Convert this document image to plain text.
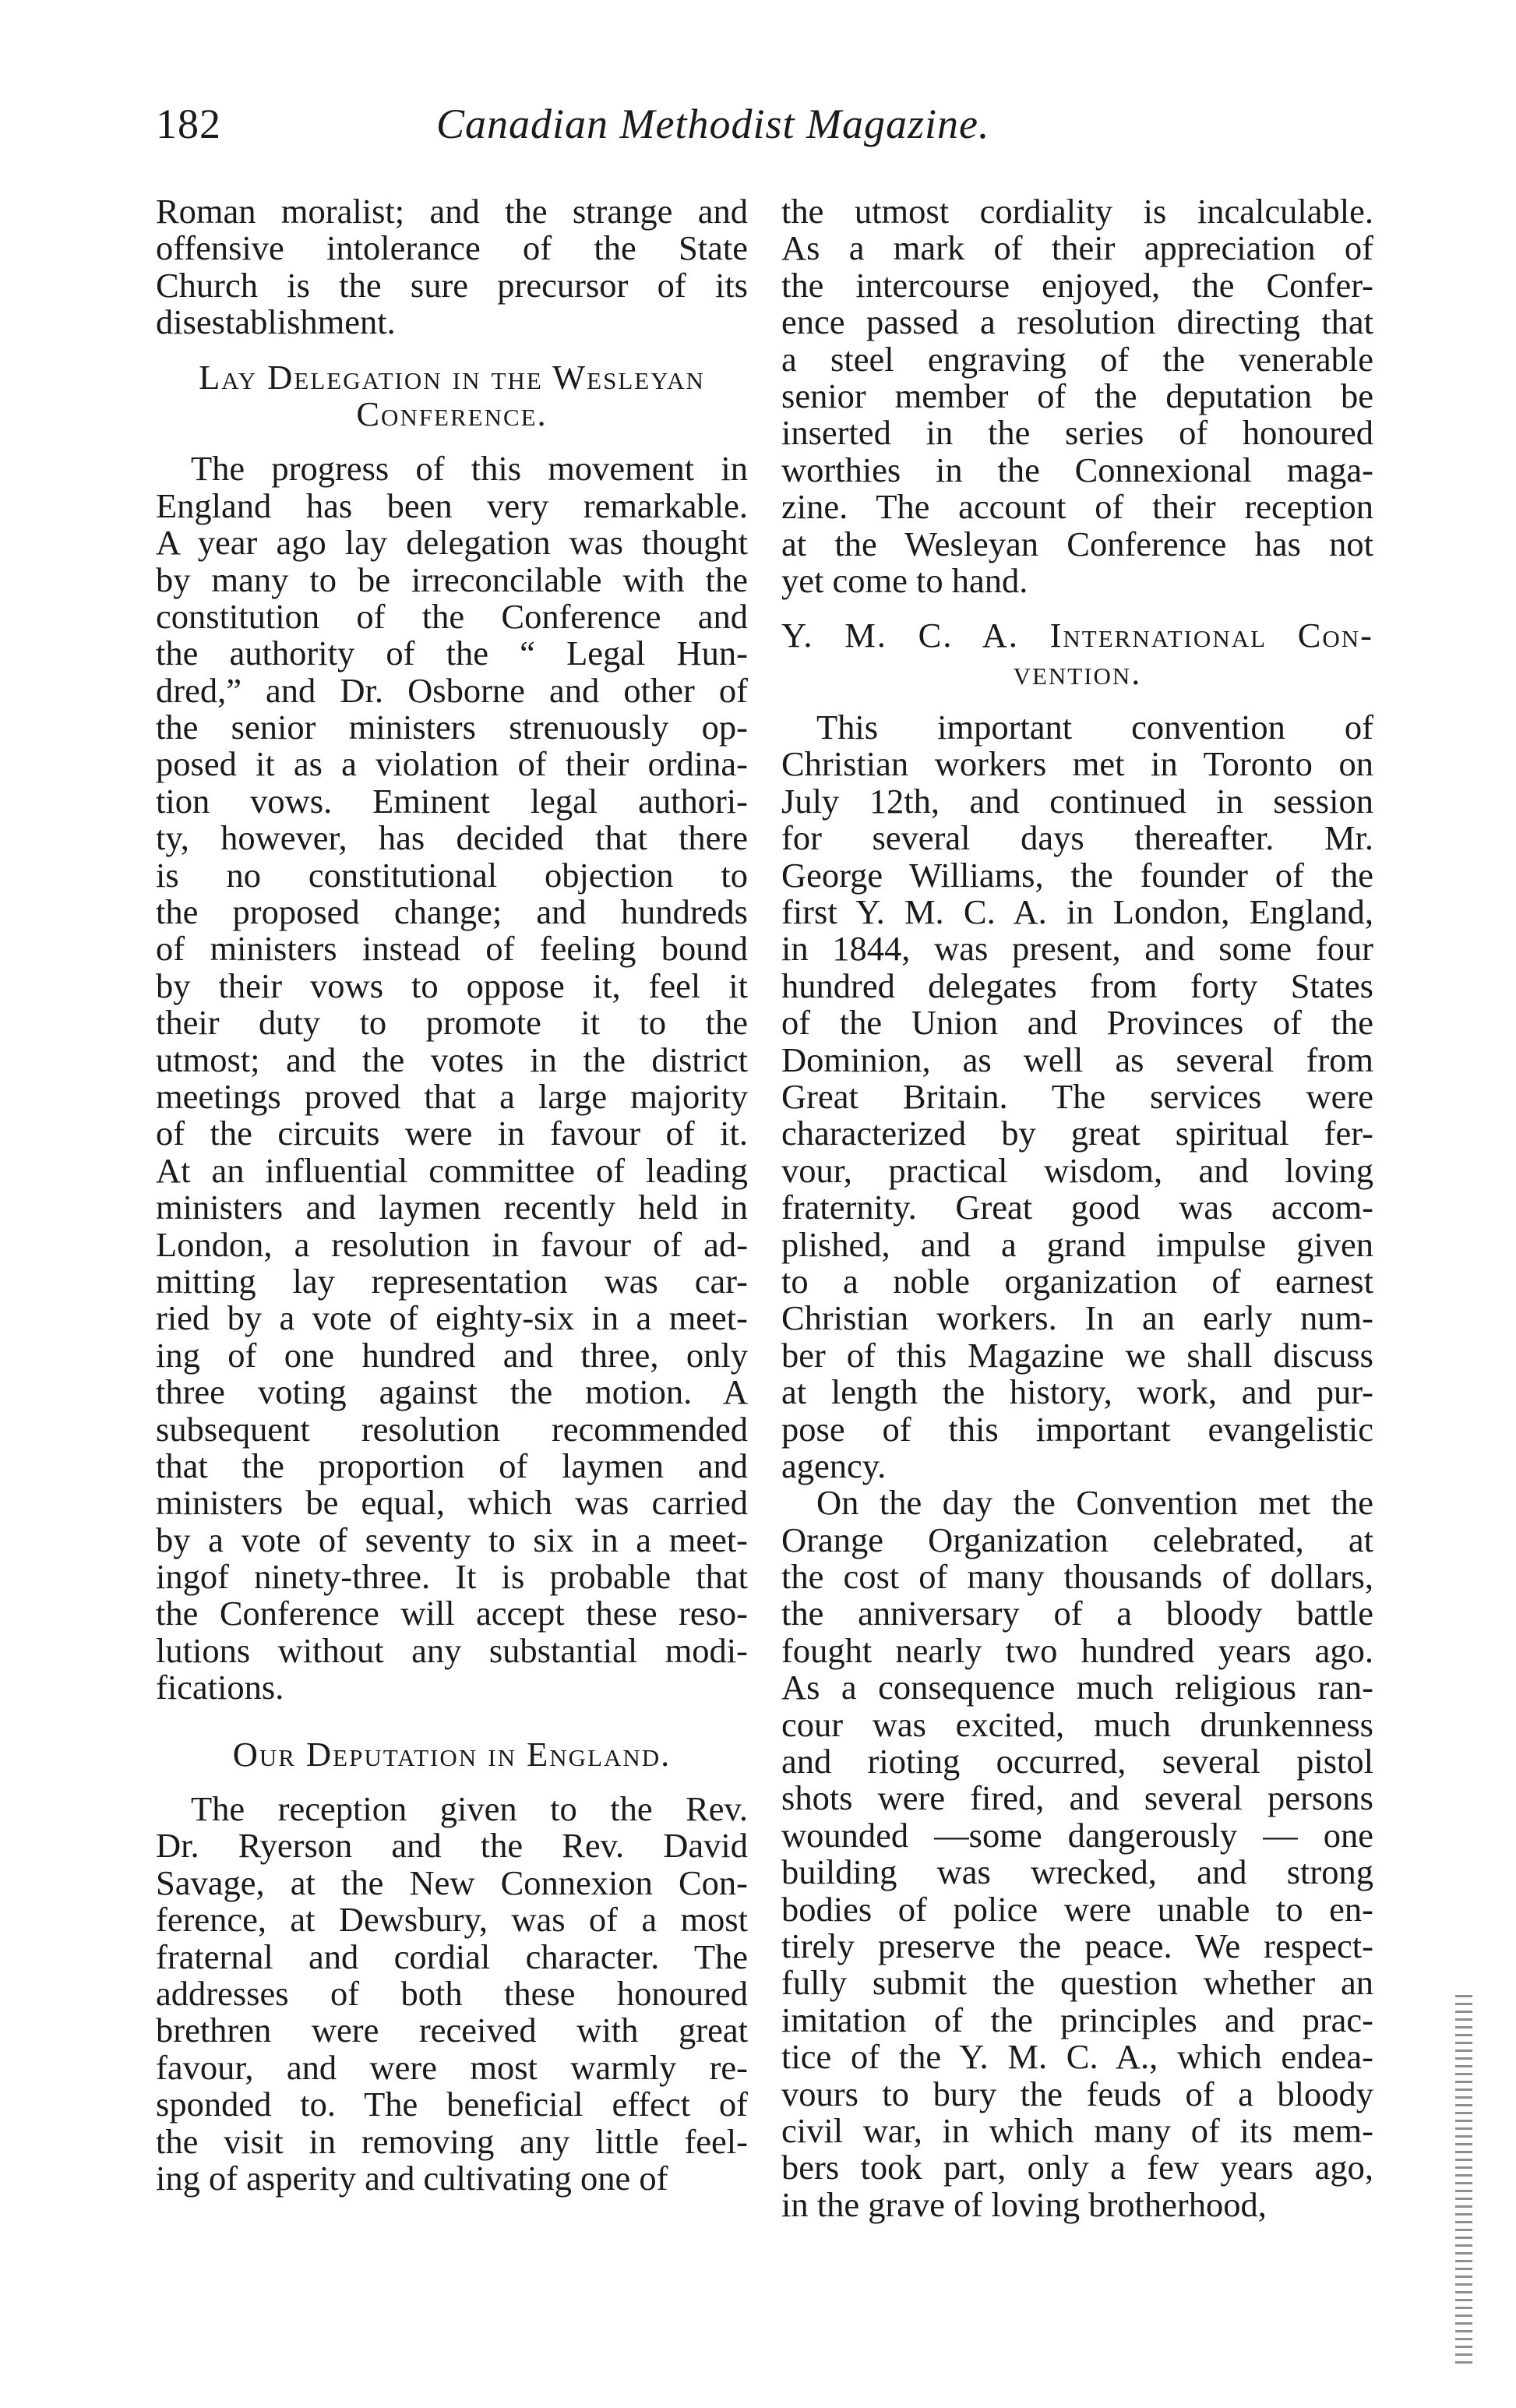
182	Canadian Methodist Magazine.
Roman moralist; and the strange and
offensive intolerance of the State
Church is the sure precursor of its
disestablishment.
Lay Delegation in the Wesleyan
Conference.
The progress of this movement in
England has been very remarkable.
A year ago lay delegation was thought
by many to be irreconcilable with the
constitution of the Conference and
the authority of the “ Legal Hun-
dred,” and Dr. Osborne and other of
the senior ministers strenuously op-
posed it as a violation of their ordina-
tion vows. Eminent legal authori-
ty, however, has decided that there
is no constitutional objection to
the proposed change; and hundreds
of ministers instead of feeling bound
by their vows to oppose it, feel it
their duty to promote it to the
utmost; and the votes in the district
meetings proved that a large majority
of the circuits were in favour of it.
At an influential committee of leading
ministers and laymen recently held in
London, a resolution in favour of ad-
mitting lay representation was car-
ried by a vote of eighty-six in a meet-
ing of one hundred and three, only
three voting against the motion. A
subsequent resolution recommended
that the proportion of laymen and
ministers be equal, which was carried
by a vote of seventy to six in a meet-
ingof ninety-three. It is probable that
the Conference will accept these reso-
lutions without any substantial modi-
fications.
Our Deputation in England.
The reception given to the Rev.
Dr. Ryerson and the Rev. David
Savage, at the New Connexion Con-
ference, at Dewsbury, was of a most
fraternal and cordial character. The
addresses of both these honoured
brethren were received with great
favour, and were most warmly re-
sponded to. The beneficial effect of
the visit in removing any little feel-
ing of asperity and cultivating one of
the utmost cordiality is incalculable.
As a mark of their appreciation of
the intercourse enjoyed, the Confer-
ence passed a resolution directing that
a steel engraving of the venerable
senior member of the deputation be
inserted in the series of honoured
worthies in the Connexional maga-
zine. The account of their reception
at the Wesleyan Conference has not
yet come to hand.
Y. M. C. A. International Con-
vention.
This important convention of
Christian workers met in Toronto on
July 12th, and continued in session
for several days thereafter. Mr.
George Williams, the founder of the
first Y. M. C. A. in London, England,
in 1844, was present, and some four
hundred delegates from forty States
of the Union and Provinces of the
Dominion, as well as several from
Great Britain. The services were
characterized by great spiritual fer-
vour, practical wisdom, and loving
fraternity. Great good was accom-
plished, and a grand impulse given
to a noble organization of earnest
Christian workers. In an early num-
ber of this Magazine we shall discuss
at length the history, work, and pur-
pose of this important evangelistic
agency.
On the day the Convention met the
Orange Organization celebrated, at
the cost of many thousands of dollars,
the anniversary of a bloody battle
fought nearly two hundred years ago.
As a consequence much religious ran-
cour was excited, much drunkenness
and rioting occurred, several pistol
shots were fired, and several persons
wounded —some dangerously — one
building was wrecked, and strong
bodies of police were unable to en-
tirely preserve the peace. We respect-
fully submit the question whether an
imitation of the principles and prac-
tice of the Y. M. C. A., which endea-
vours to bury the feuds of a bloody
civil war, in which many of its mem-
bers took part, only a few years ago,
in the grave of loving brotherhood,
